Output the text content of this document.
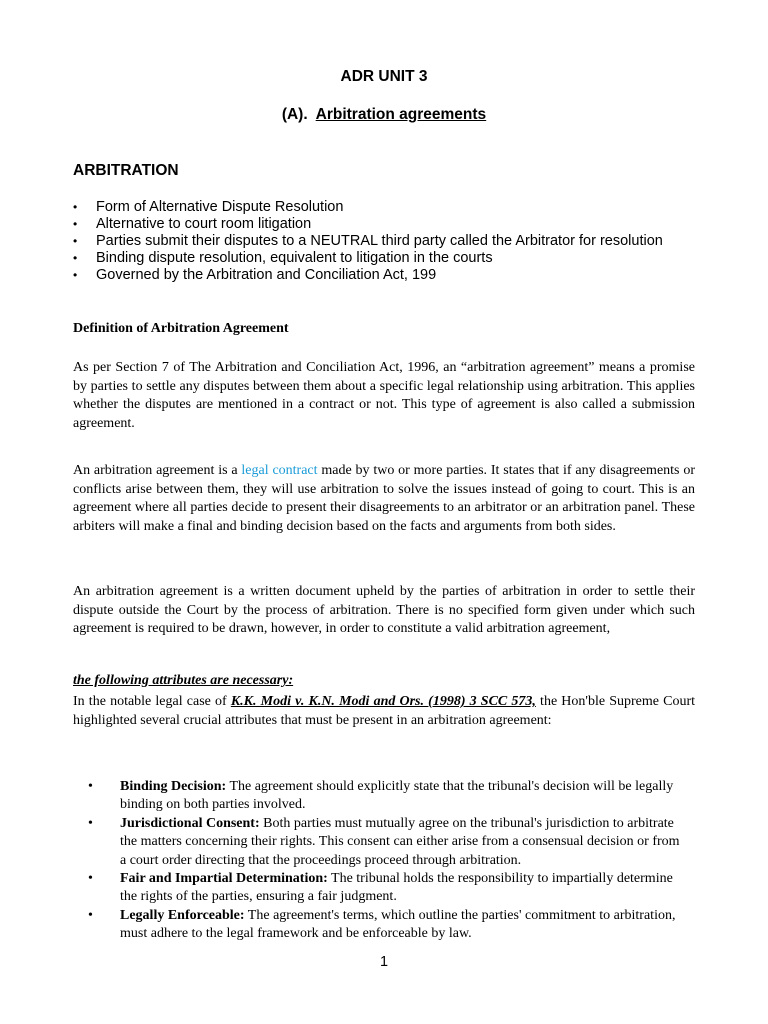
ADR UNIT 3
(A). Arbitration agreements
ARBITRATION
• Form of Alternative Dispute Resolution
• Alternative to court room litigation
• Parties submit their disputes to a NEUTRAL third party called the Arbitrator for resolution
• Binding dispute resolution, equivalent to litigation in the courts
• Governed by the Arbitration and Conciliation Act, 199
Definition of Arbitration Agreement

As per Section 7 of The Arbitration and Conciliation Act, 1996, an “arbitration agreement” means a promise by parties to settle any disputes between them about a specific legal relationship using arbitration. This applies whether the disputes are mentioned in a contract or not. This type of agreement is also called a submission agreement.

An arbitration agreement is a legal contract made by two or more parties. It states that if any disagreements or conflicts arise between them, they will use arbitration to solve the issues instead of going to court. This is an agreement where all parties decide to present their disagreements to an arbitrator or an arbitration panel. These arbiters will make a final and binding decision based on the facts and arguments from both sides.

An arbitration agreement is a written document upheld by the parties of arbitration in order to settle their dispute outside the Court by the process of arbitration. There is no specified form given under which such agreement is required to be drawn, however, in order to constitute a valid arbitration agreement,

the following attributes are necessary:

In the notable legal case of K.K. Modi v. K.N. Modi and Ors. (1998) 3 SCC 573, the Hon'ble Supreme Court highlighted several crucial attributes that must be present in an arbitration agreement:

• Binding Decision: The agreement should explicitly state that the tribunal's decision will be legally binding on both parties involved.
• Jurisdictional Consent: Both parties must mutually agree on the tribunal's jurisdiction to arbitrate the matters concerning their rights. This consent can either arise from a consensual decision or from a court order directing that the proceedings proceed through arbitration.
• Fair and Impartial Determination: The tribunal holds the responsibility to impartially determine the rights of the parties, ensuring a fair judgment.
• Legally Enforceable: The agreement's terms, which outline the parties' commitment to arbitration, must adhere to the legal framework and be enforceable by law.
1
